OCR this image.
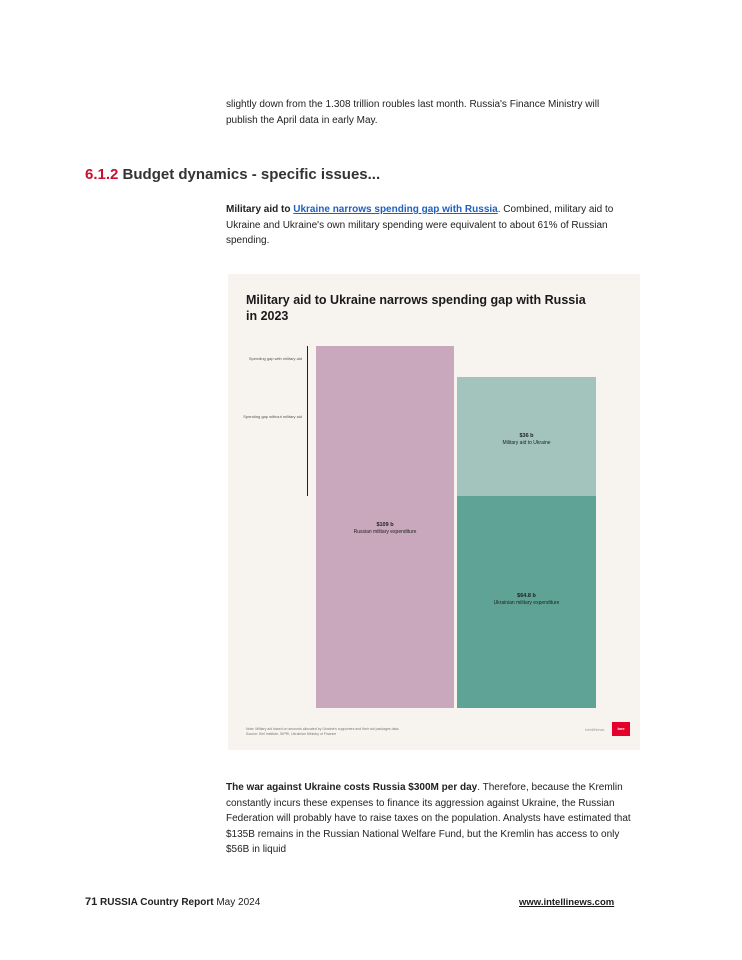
slightly down from the 1.308 trillion roubles last month. Russia's Finance Ministry will publish the April data in early May.
6.1.2 Budget dynamics - specific issues...
Military aid to Ukraine narrows spending gap with Russia. Combined, military aid to Ukraine and Ukraine's own military spending were equivalent to about 61% of Russian spending.
Military aid to Ukraine narrows spending gap with Russia in 2023
Spending gap with military aid
Spending gap without military aid
$109 b
Russian military expenditure
$36 b
Military aid to Ukraine
$64.8 b
Ukrainian military expenditure
Note: Military aid based on amounts allocated by Ukraine's supporters and their aid packages data.
Source: Kiel Institute, SIPRI, Ukrainian Ministry of Finance
IntelliNews	bne
The war against Ukraine costs Russia $300M per day. Therefore, because the Kremlin constantly incurs these expenses to finance its aggression against Ukraine, the Russian Federation will probably have to raise taxes on the population. Analysts have estimated that $135B remains in the Russian National Welfare Fund, but the Kremlin has access to only $56B in liquid
71 RUSSIA Country Report May 2024	www.intellinews.com
